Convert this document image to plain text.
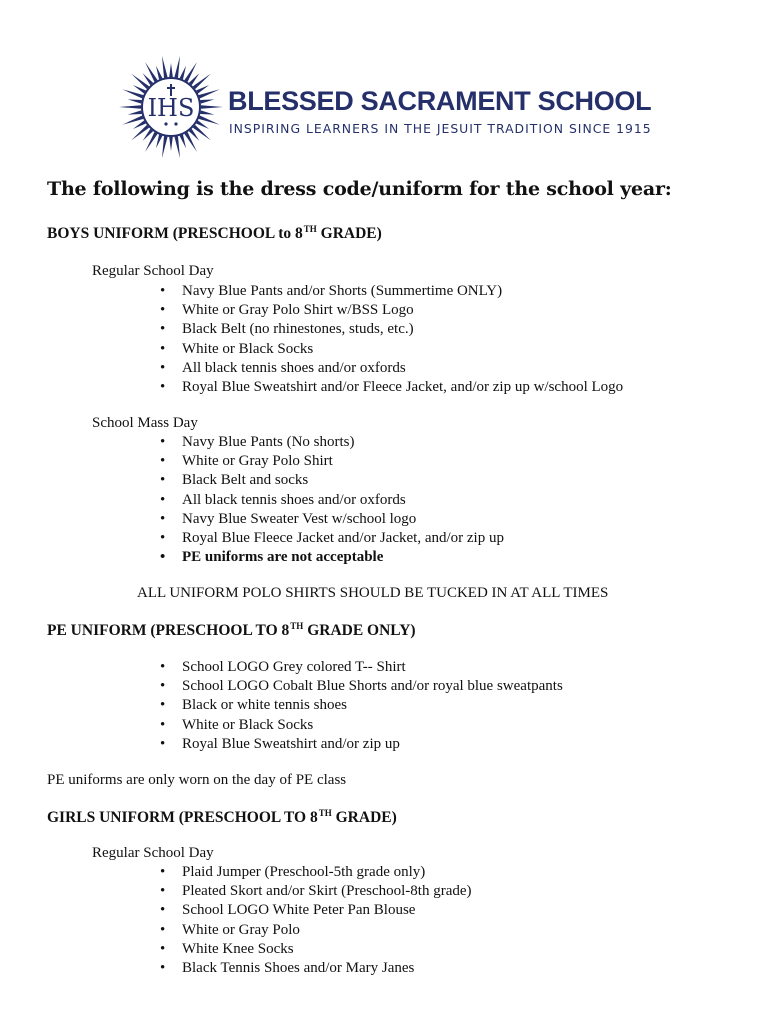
IHS BLESSED SACRAMENT SCHOOL
INSPIRING LEARNERS IN THE JESUIT TRADITION SINCE 1915
The following is the dress code/uniform for the school year:
BOYS UNIFORM (PRESCHOOL to 8TH GRADE)
Regular School Day
• Navy Blue Pants and/or Shorts (Summertime ONLY)
• White or Gray Polo Shirt w/BSS Logo
• Black Belt (no rhinestones, studs, etc.)
• White or Black Socks
• All black tennis shoes and/or oxfords
• Royal Blue Sweatshirt and/or Fleece Jacket, and/or zip up w/school Logo
School Mass Day
• Navy Blue Pants (No shorts)
• White or Gray Polo Shirt
• Black Belt and socks
• All black tennis shoes and/or oxfords
• Navy Blue Sweater Vest w/school logo
• Royal Blue Fleece Jacket and/or Jacket, and/or zip up
• PE uniforms are not acceptable
ALL UNIFORM POLO SHIRTS SHOULD BE TUCKED IN AT ALL TIMES
PE UNIFORM (PRESCHOOL TO 8TH GRADE ONLY)
• School LOGO Grey colored T-- Shirt
• School LOGO Cobalt Blue Shorts and/or royal blue sweatpants
• Black or white tennis shoes
• White or Black Socks
• Royal Blue Sweatshirt and/or zip up
PE uniforms are only worn on the day of PE class
GIRLS UNIFORM (PRESCHOOL TO 8TH GRADE)
Regular School Day
• Plaid Jumper (Preschool-5th grade only)
• Pleated Skort and/or Skirt (Preschool-8th grade)
• School LOGO White Peter Pan Blouse
• White or Gray Polo
• White Knee Socks
• Black Tennis Shoes and/or Mary Janes
